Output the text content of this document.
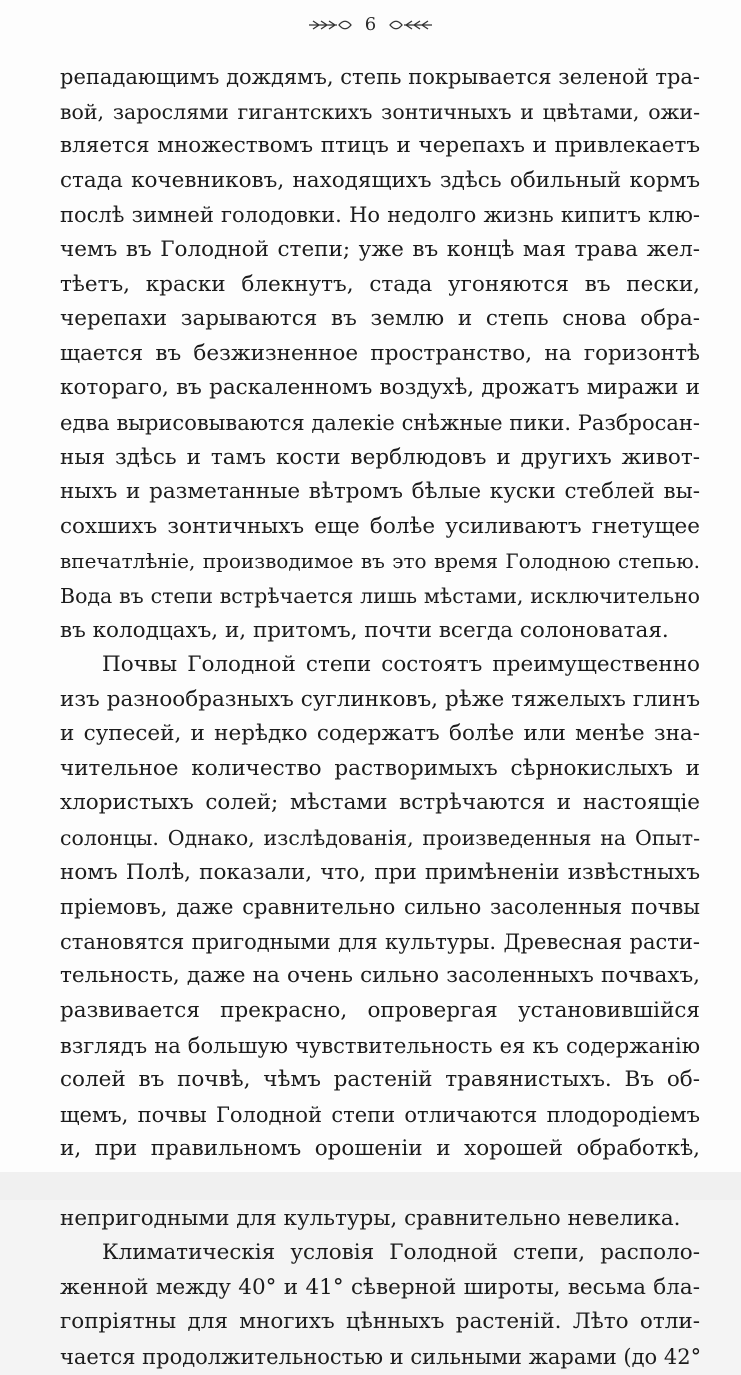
6
репадающимъ дождямъ, степь покрывается зеленой тра-
вой, зарослями гигантскихъ зонтичныхъ и цвѣтами, ожи-
вляется множествомъ птицъ и черепахъ и привлекаетъ
стада кочевниковъ, находящихъ здѣсь обильный кормъ
послѣ зимней голодовки. Но недолго жизнь кипитъ клю-
чемъ въ Голодной степи; уже въ концѣ мая трава жел-
тѣетъ, краски блекнутъ, стада угоняются въ пески,
черепахи зарываются въ землю и степь снова обра-
щается въ безжизненное пространство, на горизонтѣ
котораго, въ раскаленномъ воздухѣ, дрожатъ миражи и
едва вырисовываются далекіе снѣжные пики. Разбросан-
ныя здѣсь и тамъ кости верблюдовъ и другихъ живот-
ныхъ и разметанные вѣтромъ бѣлые куски стеблей вы-
сохшихъ зонтичныхъ еще болѣе усиливаютъ гнетущее
впечатлѣніе, производимое въ это время Голодною степью.
Вода въ степи встрѣчается лишь мѣстами, исключительно
въ колодцахъ, и, притомъ, почти всегда солоноватая.
Почвы Голодной степи состоятъ преимущественно
изъ разнообразныхъ суглинковъ, рѣже тяжелыхъ глинъ
и супесей, и нерѣдко содержатъ болѣе или менѣе зна-
чительное количество растворимыхъ сѣрнокислыхъ и
хлористыхъ солей; мѣстами встрѣчаются и настоящіе
солонцы. Однако, изслѣдованія, произведенныя на Опыт-
номъ Полѣ, показали, что, при примѣненіи извѣстныхъ
пріемовъ, даже сравнительно сильно засоленныя почвы
становятся пригодными для культуры. Древесная расти-
тельность, даже на очень сильно засоленныхъ почвахъ,
развивается прекрасно, опровергая установившійся
взглядъ на большую чувствительность ея къ содержанію
солей въ почвѣ, чѣмъ растеній травянистыхъ. Въ об-
щемъ, почвы Голодной степи отличаются плодородіемъ
и, при правильномъ орошеніи и хорошей обработкѣ,
непригодными для культуры, сравнительно невелика.
Климатическія условія Голодной степи, располо-
женной между 40° и 41° сѣверной широты, весьма бла-
гопріятны для многихъ цѣнныхъ растеній. Лѣто отли-
чается продолжительностью и сильными жарами (до 42°
